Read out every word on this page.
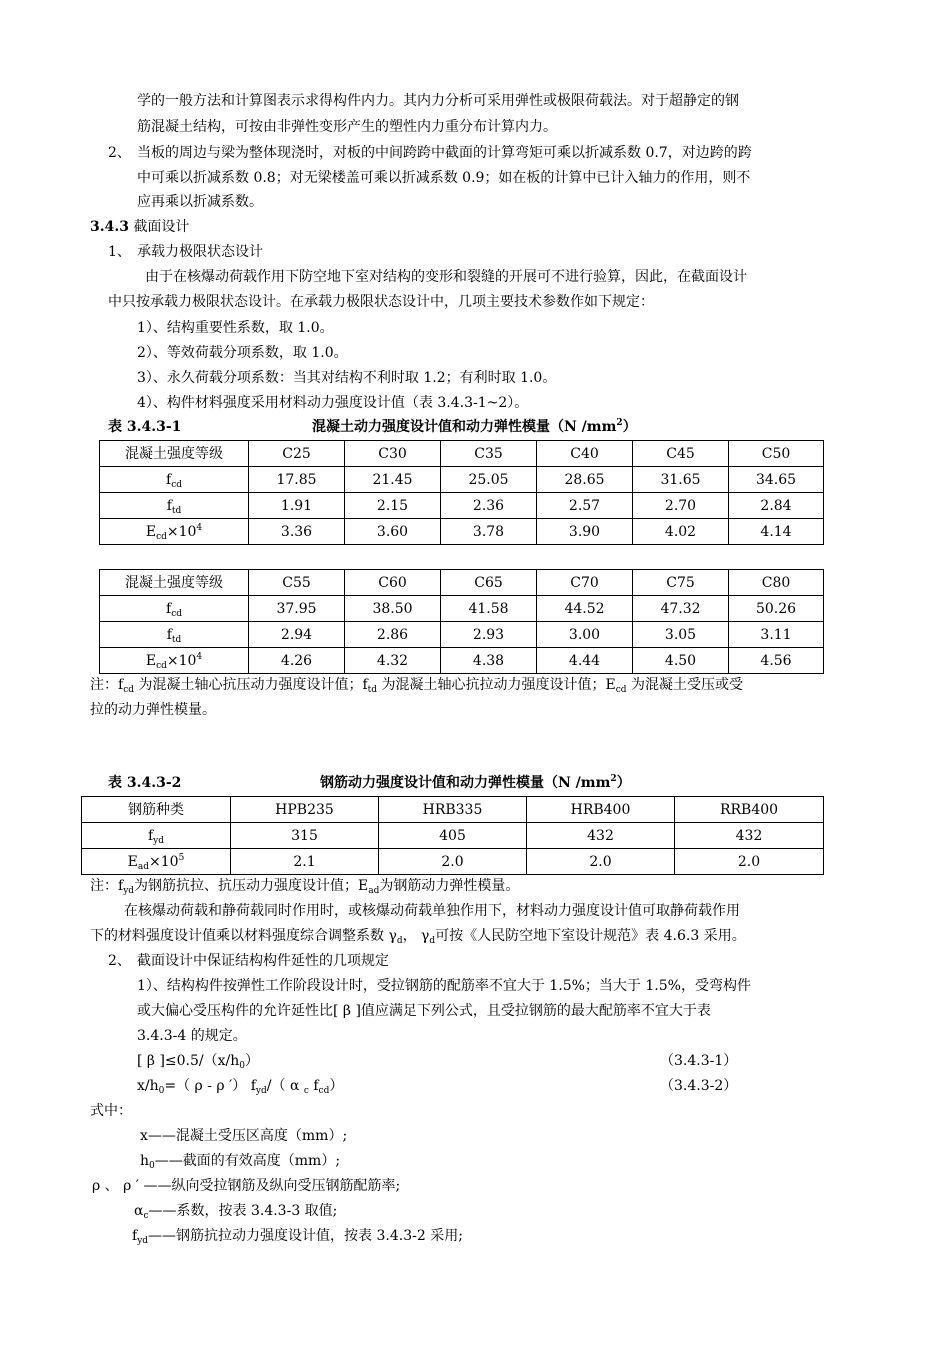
学的一般方法和计算图表示求得构件内力。其内力分析可采用弹性或极限荷载法。对于超静定的钢
筋混凝土结构，可按由非弹性变形产生的塑性内力重分布计算内力。
2、 当板的周边与梁为整体现浇时，对板的中间跨跨中截面的计算弯矩可乘以折减系数 0.7，对边跨的跨
中可乘以折减系数 0.8；对无梁楼盖可乘以折减系数 0.9；如在板的计算中已计入轴力的作用，则不
应再乘以折减系数。
3.4.3 截面设计
1、 承载力极限状态设计
由于在核爆动荷载作用下防空地下室对结构的变形和裂缝的开展可不进行验算，因此，在截面设计
中只按承载力极限状态设计。在承载力极限状态设计中，几项主要技术参数作如下规定：
1）、结构重要性系数，取 1.0。
2）、等效荷载分项系数，取 1.0。
3）、永久荷载分项系数：当其对结构不利时取 1.2；有利时取 1.0。
4）、构件材料强度采用材料动力强度设计值（表 3.4.3-1~2）。
表 3.4.3-1	混凝土动力强度设计值和动力弹性模量（N $/mm^2$）
混凝土强度等级	C25	C30	C35	C40	C45	C50
$f_{cd}$	17.85	21.45	25.05	28.65	31.65	34.65
$f_{td}$	1.91	2.15	2.36	2.57	2.70	2.84
$E_{cd}\times 10^4$	3.36	3.60	3.78	3.90	4.02	4.14
混凝土强度等级	C55	C60	C65	C70	C75	C80
$f_{cd}$	37.95	38.50	41.58	44.52	47.32	50.26
$f_{td}$	2.94	2.86	2.93	3.00	3.05	3.11
$E_{cd}\times 10^4$	4.26	4.32	4.38	4.44	4.50	4.56
注：$f_{cd}$ 为混凝土轴心抗压动力强度设计值；$f_{td}$ 为混凝土轴心抗拉动力强度设计值；$E_{cd}$ 为混凝土受压或受
拉的动力弹性模量。
表 3.4.3-2	钢筋动力强度设计值和动力弹性模量（N $/mm^2$）
钢筋种类	HPB235	HRB335	HRB400	RRB400
$f_{yd}$	315	405	432	432
$E_{ad}\times 10^5$	2.1	2.0	2.0	2.0
注：$f_{yd}$为钢筋抗拉、抗压动力强度设计值；$E_{ad}$为钢筋动力弹性模量。
在核爆动荷载和静荷载同时作用时，或核爆动荷载单独作用下，材料动力强度设计值可取静荷载作用
下的材料强度设计值乘以材料强度综合调整系数 $\gamma_d$， $\gamma_d$可按《人民防空地下室设计规范》表 4.6.3 采用。
2、 截面设计中保证结构构件延性的几项规定
1）、结构构件按弹性工作阶段设计时，受拉钢筋的配筋率不宜大于 1.5%；当大于 1.5%，受弯构件
或大偏心受压构件的允许延性比[ β ]值应满足下列公式，且受拉钢筋的最大配筋率不宜大于表
3.4.3-4 的规定。
[ β ]$\le 0.5/(x/h_0)$	（3.4.3-1）
$x/h_0=$（ ρ - ρ ′） $f_{yd}/$（ α $_c$ $f_{cd}$）	（3.4.3-2）
式中：
x——混凝土受压区高度（mm）;
$h_0——$截面的有效高度（mm）;
ρ 、 ρ ′ ——纵向受拉钢筋及纵向受压钢筋配筋率;
$\alpha_c——$系数，按表 3.4.3-3 取值;
$f_{yd}——$钢筋抗拉动力强度设计值，按表 3.4.3-2 采用;
